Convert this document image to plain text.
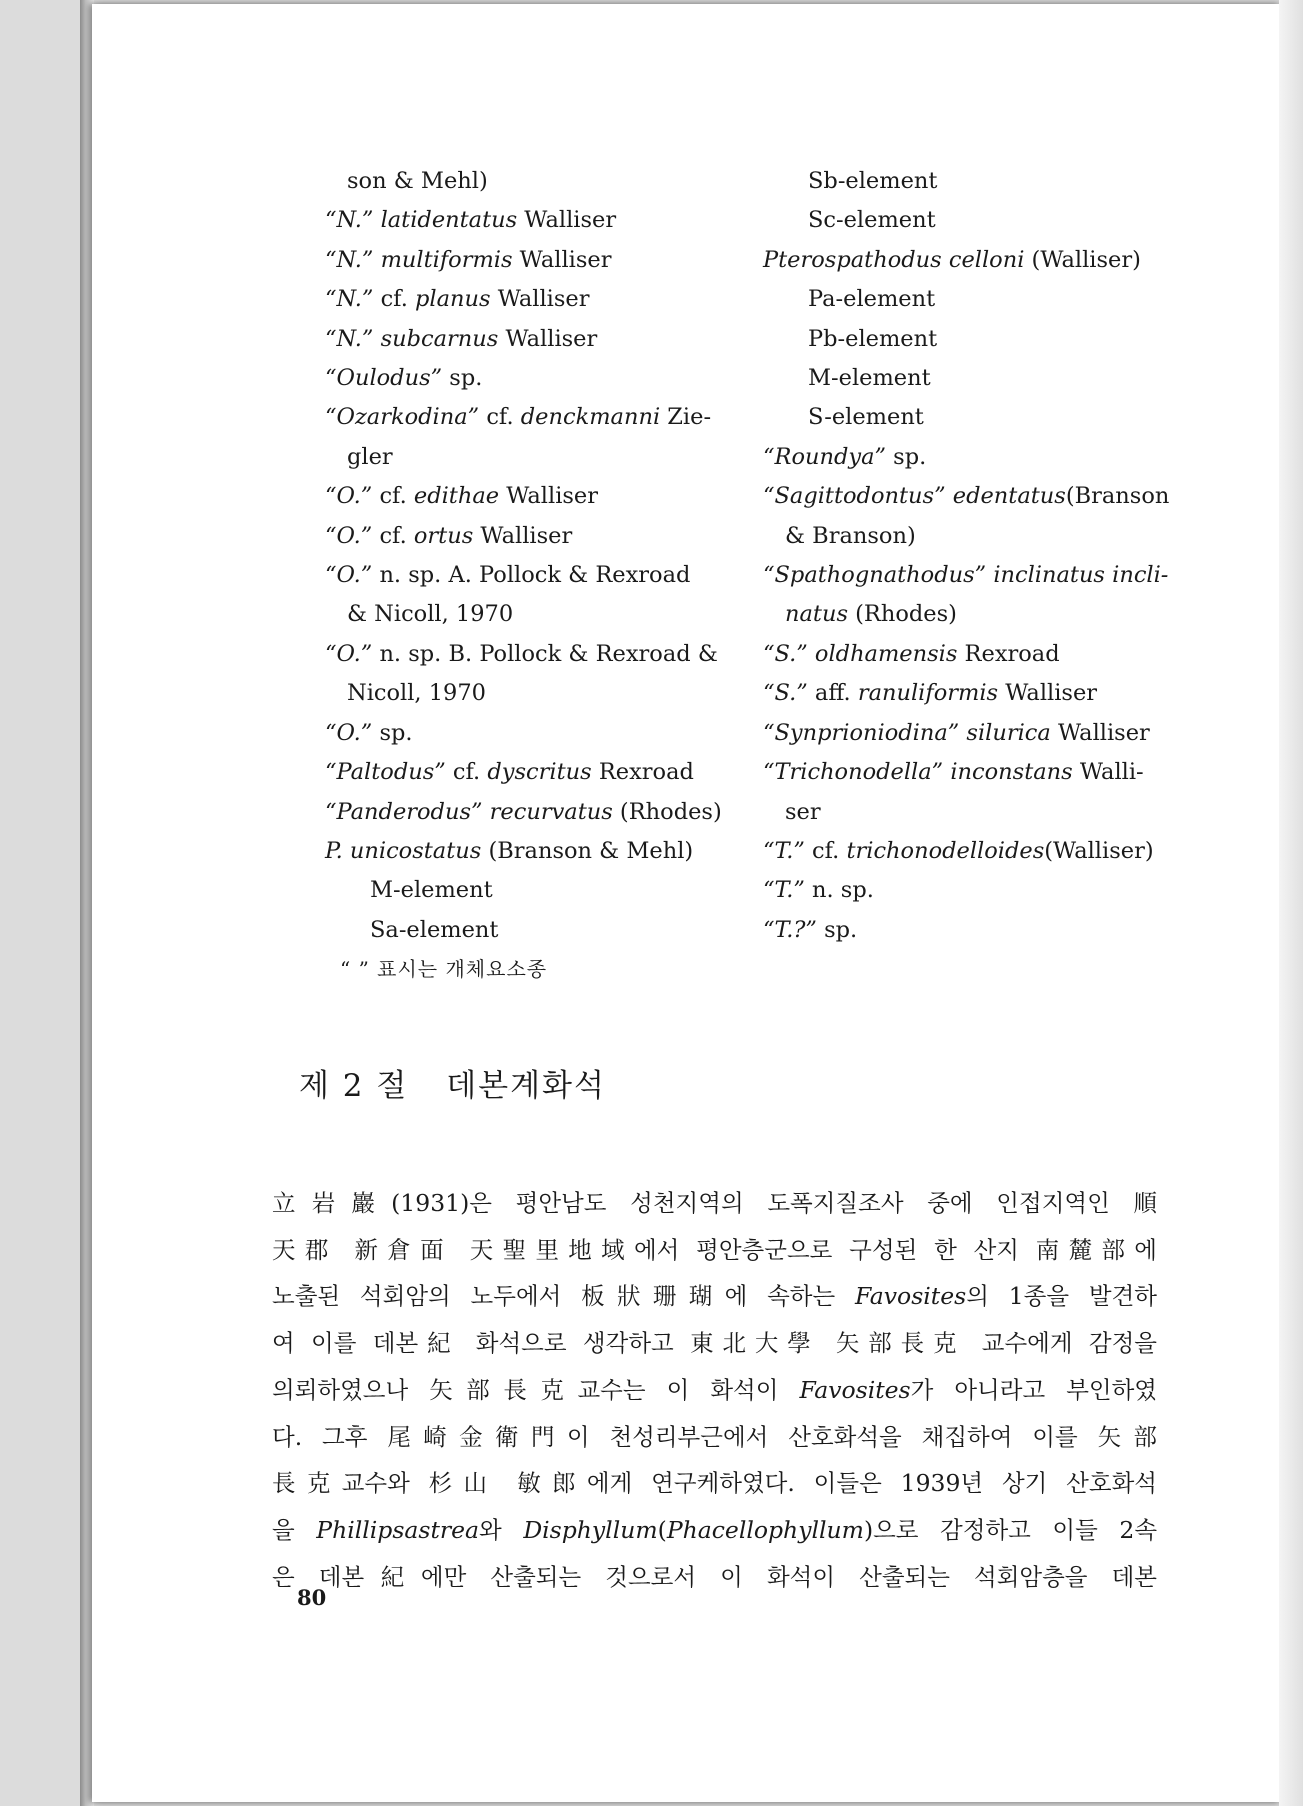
son & Mehl)
“N.” latidentatus Walliser
“N.” multiformis Walliser
“N.” cf. planus Walliser
“N.” subcarnus Walliser
“Oulodus” sp.
“Ozarkodina” cf. denckmanni Zie-
gler
“O.” cf. edithae Walliser
“O.” cf. ortus Walliser
“O.” n. sp. A. Pollock & Rexroad
& Nicoll, 1970
“O.” n. sp. B. Pollock & Rexroad &
Nicoll, 1970
“O.” sp.
“Paltodus” cf. dyscritus Rexroad
“Panderodus” recurvatus (Rhodes)
P. unicostatus (Branson & Mehl)
M-element
Sa-element
“ ” 표시는 개체요소종
Sb-element
Sc-element
Pterospathodus celloni (Walliser)
Pa-element
Pb-element
M-element
S-element
“Roundya” sp.
“Sagittodontus” edentatus(Branson
& Branson)
“Spathognathodus” inclinatus incli-
natus (Rhodes)
“S.” oldhamensis Rexroad
“S.” aff. ranuliformis Walliser
“Synprioniodina” silurica Walliser
“Trichonodella” inconstans Walli-
ser
“T.” cf. trichonodelloides(Walliser)
“T.” n. sp.
“T.?” sp.
제 2 절 데본계화석
立岩巖(1931)은 평안남도 성천지역의 도폭지질조사 중에 인접지역인 順
天郡 新倉面 天聖里地域에서 평안층군으로 구성된 한 산지 南麓部에
노출된 석회암의 노두에서 板狀珊瑚에 속하는 Favosites의 1종을 발견하
여 이를 데본紀 화석으로 생각하고 東北大學 矢部長克 교수에게 감정을
의뢰하였으나 矢部長克교수는 이 화석이 Favosites가 아니라고 부인하였
다. 그후 尾崎金衛門이 천성리부근에서 산호화석을 채집하여 이를 矢部
長克교수와 杉山 敏郎에게 연구케하였다. 이들은 1939년 상기 산호화석
을 Phillipsastrea와 Disphyllum(Phacellophyllum)으로 감정하고 이들 2속
은 데본紀에만 산출되는 것으로서 이 화석이 산출되는 석회암층을 데본
80
